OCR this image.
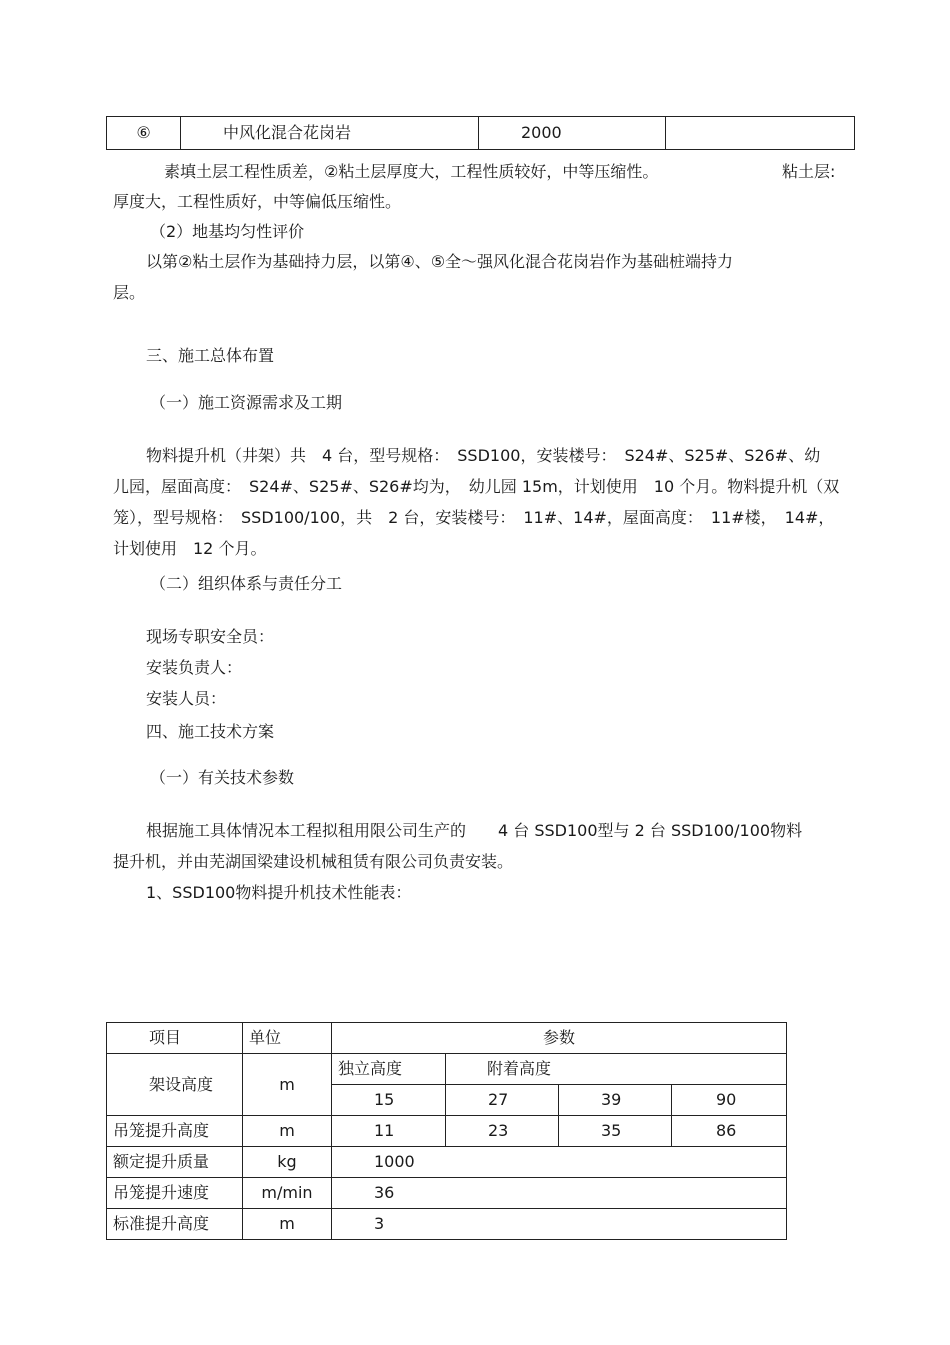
⑥	中风化混合花岗岩	2000	
素填土层工程性质差，②粘土层厚度大，工程性质较好，中等压缩性。	粘土层:
厚度大，工程性质好，中等偏低压缩性。
（2）地基均匀性评价
以第②粘土层作为基础持力层，以第④、⑤全～强风化混合花岗岩作为基础桩端持力
层。
三、施工总体布置
（一）施工资源需求及工期
物料提升机（井架）共　4 台，型号规格：　SSD100，安装楼号：　S24#、S25#、S26#、幼
儿园，屋面高度：　S24#、S25#、S26#均为，　幼儿园 15m，计划使用　10 个月。物料提升机（双
笼），型号规格：　SSD100/100，共　2 台，安装楼号：　11#、14#，屋面高度：　11#楼，　14#，
计划使用　12 个月。
（二）组织体系与责任分工
现场专职安全员：
安装负责人：
安装人员：
四、施工技术方案
（一）有关技术参数
根据施工具体情况本工程拟租用限公司生产的　　4 台 SSD100型与 2 台 SSD100/100物料
提升机，并由芜湖国梁建设机械租赁有限公司负责安装。
1、SSD100物料提升机技术性能表：
项目	单位	参数			
架设高度	m	独立高度	附着高度		
		15	27	39	90
吊笼提升高度	m	11	23	35	86
额定提升质量	kg	1000			
吊笼提升速度	m/min	36			
标准提升高度	m	3			
